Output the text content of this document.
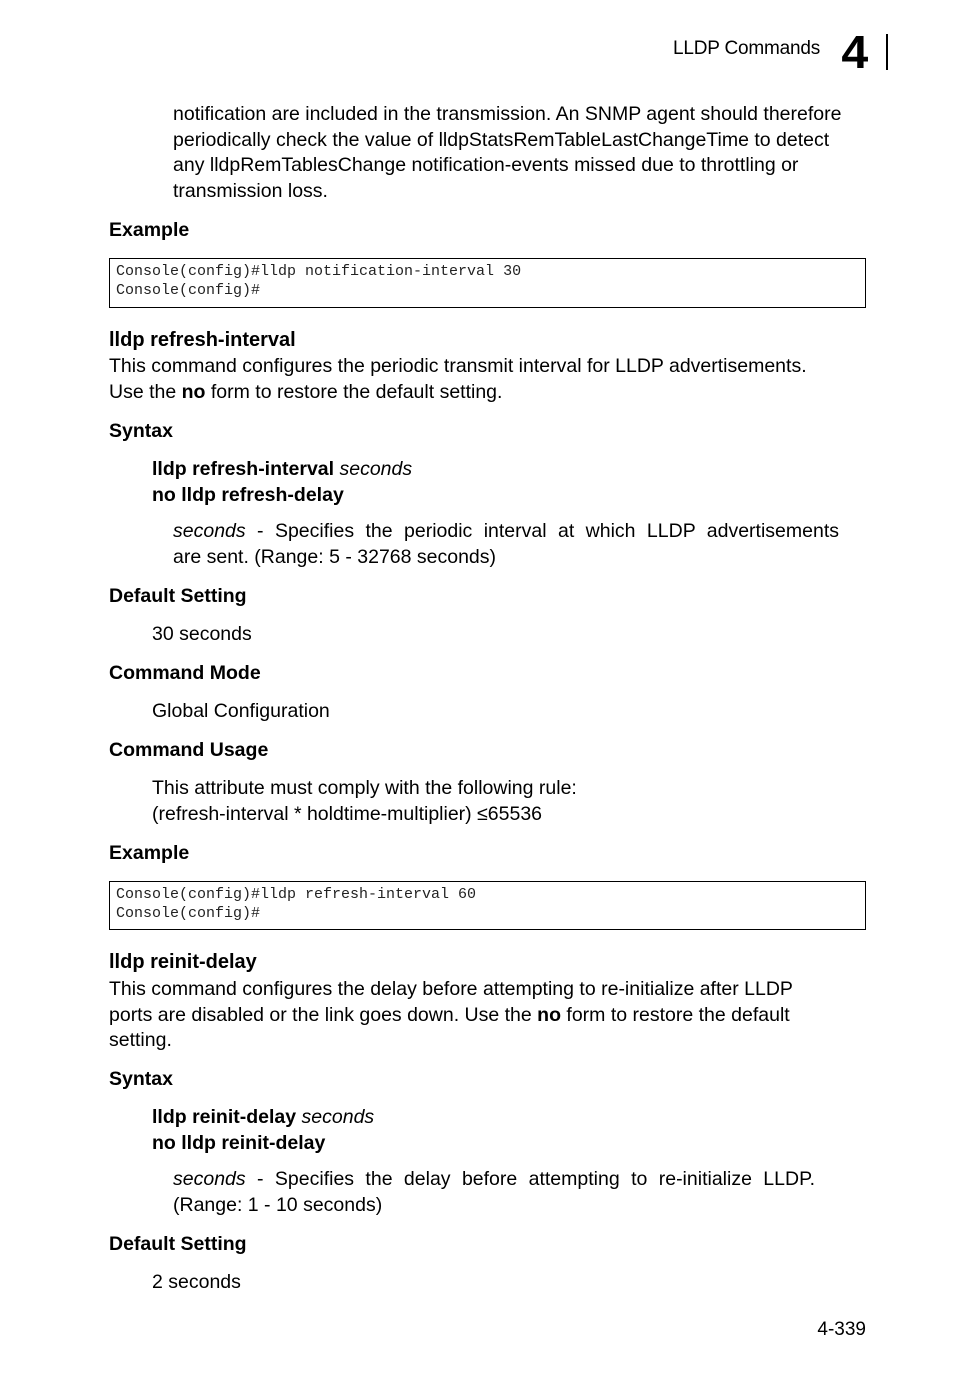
LLDP Commands 4
notification are included in the transmission. An SNMP agent should therefore
periodically check the value of lldpStatsRemTableLastChangeTime to detect
any lldpRemTablesChange notification-events missed due to throttling or
transmission loss.
Example
Console(config)#lldp notification-interval 30
Console(config)#
lldp refresh-interval
This command configures the periodic transmit interval for LLDP advertisements.
Use the no form to restore the default setting.
Syntax
lldp refresh-interval seconds
no lldp refresh-delay
seconds - Specifies the periodic interval at which LLDP advertisements
are sent. (Range: 5 - 32768 seconds)
Default Setting
30 seconds
Command Mode
Global Configuration
Command Usage
This attribute must comply with the following rule:
(refresh-interval * holdtime-multiplier) ≤65536
Example
Console(config)#lldp refresh-interval 60
Console(config)#
lldp reinit-delay
This command configures the delay before attempting to re-initialize after LLDP
ports are disabled or the link goes down. Use the no form to restore the default
setting.
Syntax
lldp reinit-delay seconds
no lldp reinit-delay
seconds - Specifies the delay before attempting to re-initialize LLDP.
(Range: 1 - 10 seconds)
Default Setting
2 seconds
4-339
